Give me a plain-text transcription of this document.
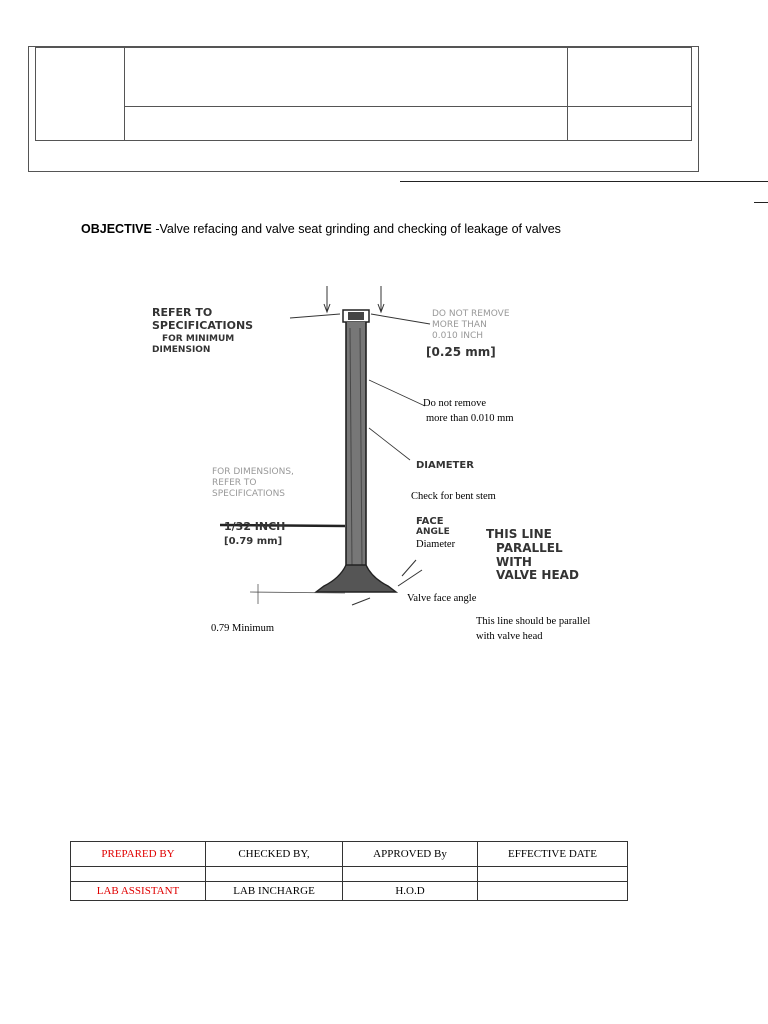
OBJECTIVE -Valve refacing and valve seat grinding and checking of leakage of valves
REFER TO
SPECIFICATIONS
FOR MINIMUM
DIMENSION
DO NOT REMOVE
MORE THAN
0.010 INCH
[0.25 mm]
DIAMETER
FOR DIMENSIONS,
REFER TO
SPECIFICATIONS
1/32 INCH
[0.79 mm]
FACE
ANGLE	THIS LINE
PARALLEL
WITH
VALVE HEAD
Do not remove
more than 0.010 mm
Check for bent stem
Diameter
Valve face angle
0.79 Minimum
This line should be parallel
with valve head
PREPARED BY	CHECKED BY,	APPROVED By	EFFECTIVE DATE

LAB ASSISTANT	LAB INCHARGE	H.O.D	
